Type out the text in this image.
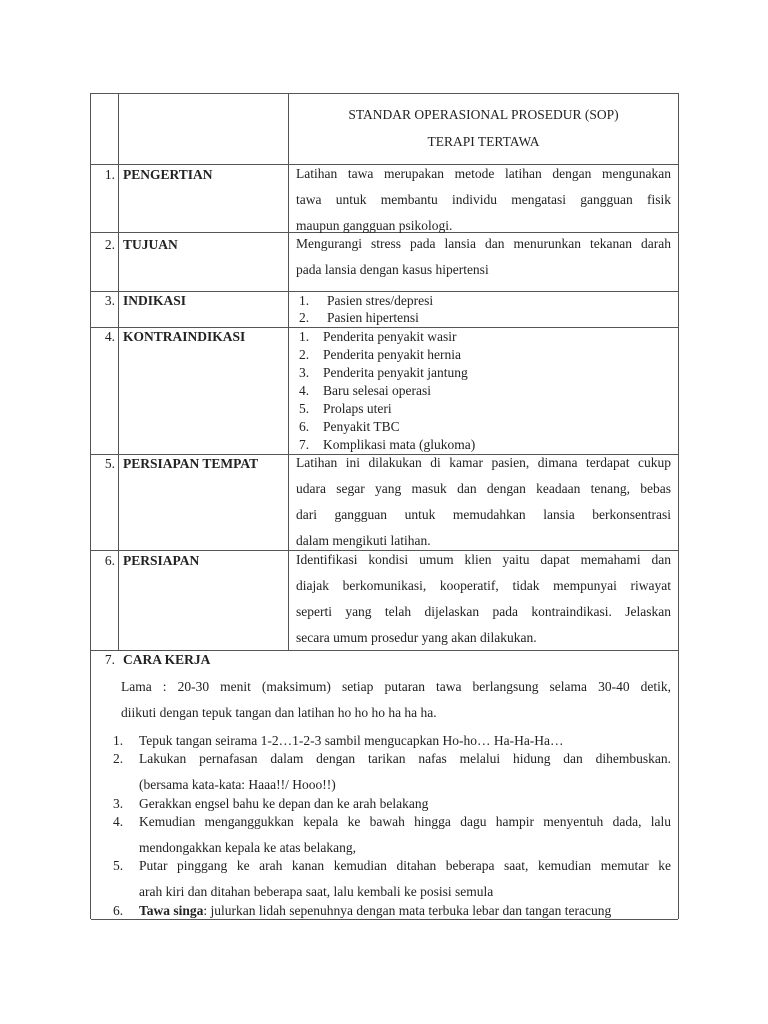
STANDAR OPERASIONAL PROSEDUR (SOP)
TERAPI TERTAWA
1. PENGERTIAN	Latihan tawa merupakan metode latihan dengan mengunakan
tawa untuk membantu individu mengatasi gangguan fisik
maupun gangguan psikologi.
2. TUJUAN	Mengurangi stress pada lansia dan menurunkan tekanan darah
pada lansia dengan kasus hipertensi
3. INDIKASI	1. Pasien stres/depresi
2. Pasien hipertensi
4. KONTRAINDIKASI	1. Penderita penyakit wasir
2. Penderita penyakit hernia
3. Penderita penyakit jantung
4. Baru selesai operasi
5. Prolaps uteri
6. Penyakit TBC
7. Komplikasi mata (glukoma)
5. PERSIAPAN TEMPAT	Latihan ini dilakukan di kamar pasien, dimana terdapat cukup
udara segar yang masuk dan dengan keadaan tenang, bebas
dari gangguan untuk memudahkan lansia berkonsentrasi
dalam mengikuti latihan.
6. PERSIAPAN	Identifikasi kondisi umum klien yaitu dapat memahami dan
diajak berkomunikasi, kooperatif, tidak mempunyai riwayat
seperti yang telah dijelaskan pada kontraindikasi. Jelaskan
secara umum prosedur yang akan dilakukan.
7. CARA KERJA
Lama : 20-30 menit (maksimum) setiap putaran tawa berlangsung selama 30-40 detik,
diikuti dengan tepuk tangan dan latihan ho ho ho ha ha ha.
1. Tepuk tangan seirama 1-2…1-2-3 sambil mengucapkan Ho-ho… Ha-Ha-Ha…
2. Lakukan pernafasan dalam dengan tarikan nafas melalui hidung dan dihembuskan.
(bersama kata-kata: Haaa!!/ Hooo!!)
3. Gerakkan engsel bahu ke depan dan ke arah belakang
4. Kemudian menganggukkan kepala ke bawah hingga dagu hampir menyentuh dada, lalu
mendongakkan kepala ke atas belakang,
5. Putar pinggang ke arah kanan kemudian ditahan beberapa saat, kemudian memutar ke
arah kiri dan ditahan beberapa saat, lalu kembali ke posisi semula
6. Tawa singa: julurkan lidah sepenuhnya dengan mata terbuka lebar dan tangan teracung
